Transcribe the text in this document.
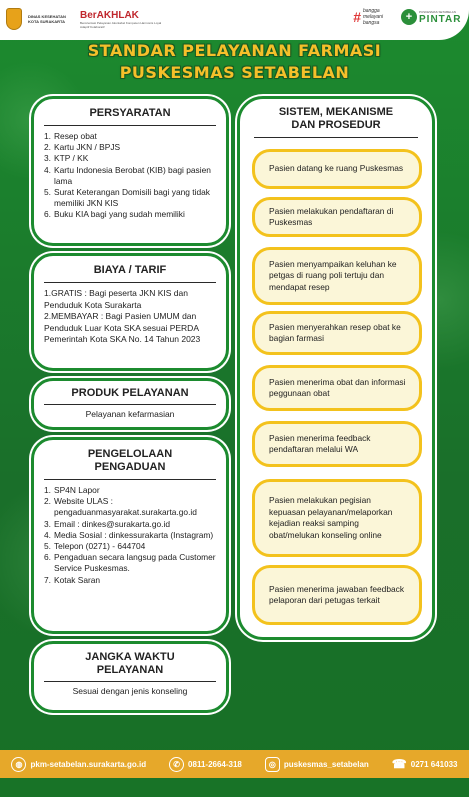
DINAS KESEHATAN KOTA SURAKARTA
BerAKHLAK
Berorientasi Pelayanan Akuntabel Kompeten Harmonis Loyal Adaptif Kolaboratif
# bangga melayani bangsa	+	PUSKESMAS SETABELAN
PINTAR
STANDAR PELAYANAN FARMASI
PUSKESMAS SETABELAN
PERSYARATAN
1. Resep obat
2. Kartu JKN / BPJS
3. KTP / KK
4. Kartu Indonesia Berobat (KIB) bagi pasien lama
5. Surat Keterangan Domisili bagi yang tidak memiliki JKN KIS
6. Buku KIA bagi yang sudah memiliki
BIAYA / TARIF
1.GRATIS : Bagi peserta JKN KIS dan Penduduk Kota Surakarta
2.MEMBAYAR : Bagi Pasien UMUM dan Penduduk Luar Kota SKA sesuai PERDA Pemerintah Kota SKA No. 14 Tahun 2023
PRODUK PELAYANAN
Pelayanan kefarmasian
PENGELOLAAN
PENGADUAN
1. SP4N Lapor
2. Website ULAS : pengaduanmasyarakat.surakarta.go.id
3. Email : dinkes@surakarta.go.id
4. Media Sosial : dinkessurakarta (Instagram)
5. Telepon (0271) - 644704
6. Pengaduan secara langsug pada Customer Service Puskesmas.
7. Kotak Saran
JANGKA WAKTU
PELAYANAN
Sesuai dengan jenis konseling
SISTEM, MEKANISME
DAN PROSEDUR
Pasien datang ke ruang Puskesmas
Pasien melakukan pendaftaran di Puskesmas
Pasien menyampaikan keluhan ke petgas di ruang poli tertuju dan mendapat resep
Pasien menyerahkan resep obat ke bagian farmasi
Pasien menerima obat dan informasi peggunaan obat
Pasien menerima feedback pendaftaran melalui WA
Pasien melakukan pegisian kepuasan pelayanan/melaporkan kejadian reaksi samping obat/melukan konseling online
Pasien menerima jawaban feedback pelaporan dari petugas terkait
◍	pkm-setabelan.surakarta.go.id	✆	0811-2664-318	◎	puskesmas_setabelan ☎ 0271 641033
